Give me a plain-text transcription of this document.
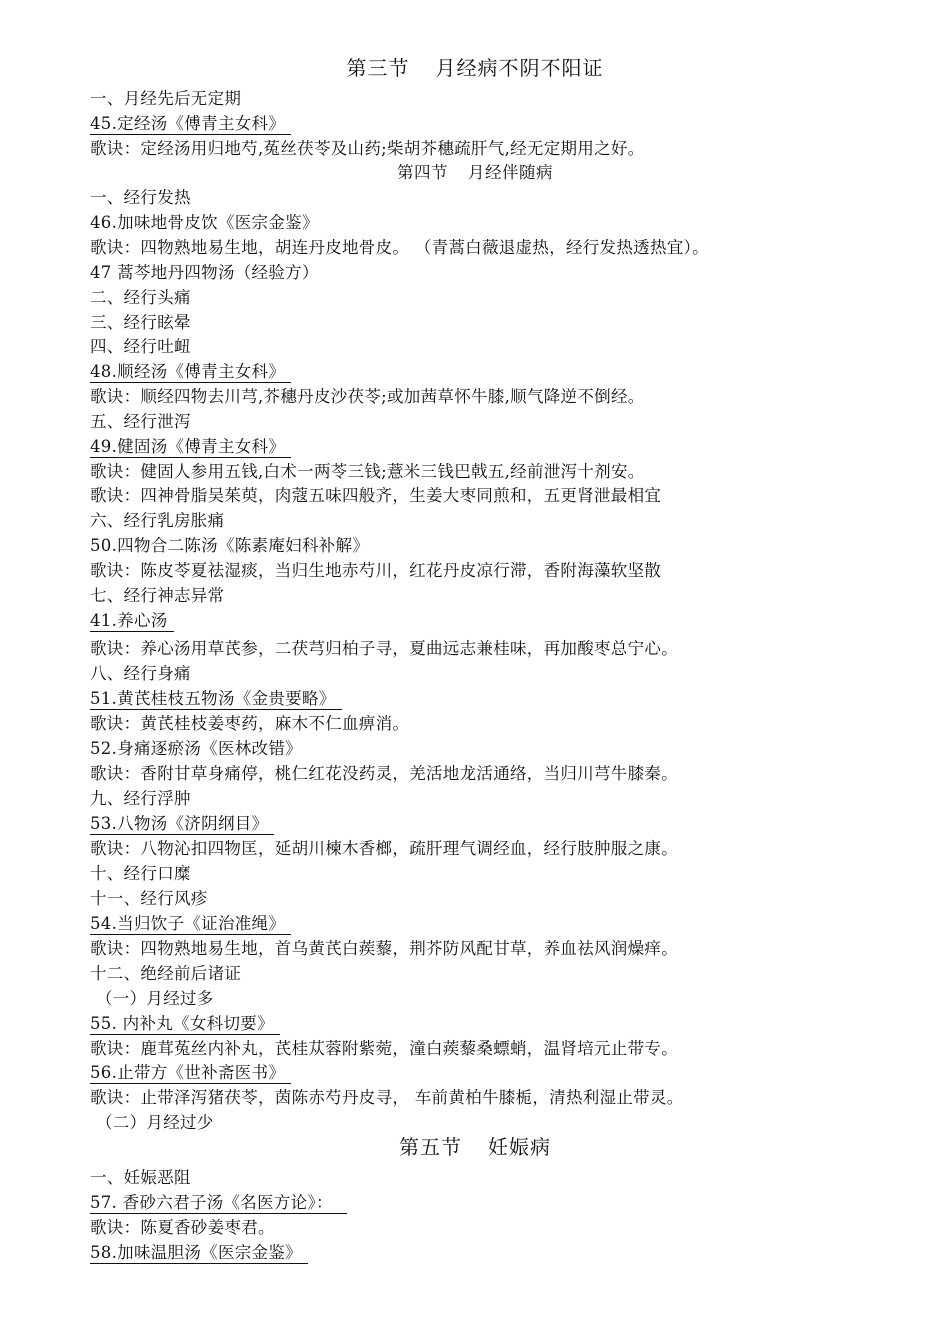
第三节 月经病不阴不阳证
一、月经先后无定期
45.定经汤《傅青主女科》
歌诀：定经汤用归地芍,菟丝茯苓及山药;柴胡芥穗疏肝气,经无定期用之好。
第四节 月经伴随病
一、经行发热
46.加味地骨皮饮《医宗金鉴》
歌诀：四物熟地易生地，胡连丹皮地骨皮。 （青蒿白薇退虚热，经行发热透热宜）。
47 蒿芩地丹四物汤（经验方）
二、经行头痛
三、经行眩晕
四、经行吐衄
48.顺经汤《傅青主女科》
歌诀：顺经四物去川芎,芥穗丹皮沙茯苓;或加茜草怀牛膝,顺气降逆不倒经。
五、经行泄泻
49.健固汤《傅青主女科》
歌诀：健固人参用五钱,白术一两苓三钱;薏米三钱巴戟五,经前泄泻十剂安。
歌诀：四神骨脂吴茱萸，肉蔻五味四般齐，生姜大枣同煎和，五更肾泄最相宜
六、经行乳房胀痛
50.四物合二陈汤《陈素庵妇科补解》
歌诀：陈皮苓夏祛湿痰，当归生地赤芍川，红花丹皮凉行滞，香附海藻软坚散
七、经行神志异常
41.养心汤
歌诀：养心汤用草芪参，二茯芎归柏子寻，夏曲远志兼桂味，再加酸枣总宁心。
八、经行身痛
51.黄芪桂枝五物汤《金贵要略》
歌诀：黄芪桂枝姜枣药，麻木不仁血痹消。
52.身痛逐瘀汤《医林改错》
歌诀：香附甘草身痛停，桃仁红花没药灵，羌活地龙活通络，当归川芎牛膝秦。
九、经行浮肿
53.八物汤《济阴纲目》
歌诀：八物沁扣四物匡，延胡川楝木香榔，疏肝理气调经血，经行肢肿服之康。
十、经行口糜
十一、经行风疹
54.当归饮子《证治准绳》
歌诀：四物熟地易生地，首乌黄芪白蒺藜，荆芥防风配甘草，养血祛风润燥痒。
十二、绝经前后诸证
（一）月经过多
55. 内补丸《女科切要》
歌诀：鹿茸菟丝内补丸，芪桂苁蓉附紫菀，潼白蒺藜桑螵蛸，温肾培元止带专。
56.止带方《世补斋医书》
歌诀：止带泽泻猪茯苓，茵陈赤芍丹皮寻， 车前黄柏牛膝栀，清热利湿止带灵。
（二）月经过少
第五节 妊娠病
一、妊娠恶阻
57. 香砂六君子汤《名医方论》：
歌诀：陈夏香砂姜枣君。
58.加味温胆汤《医宗金鉴》
